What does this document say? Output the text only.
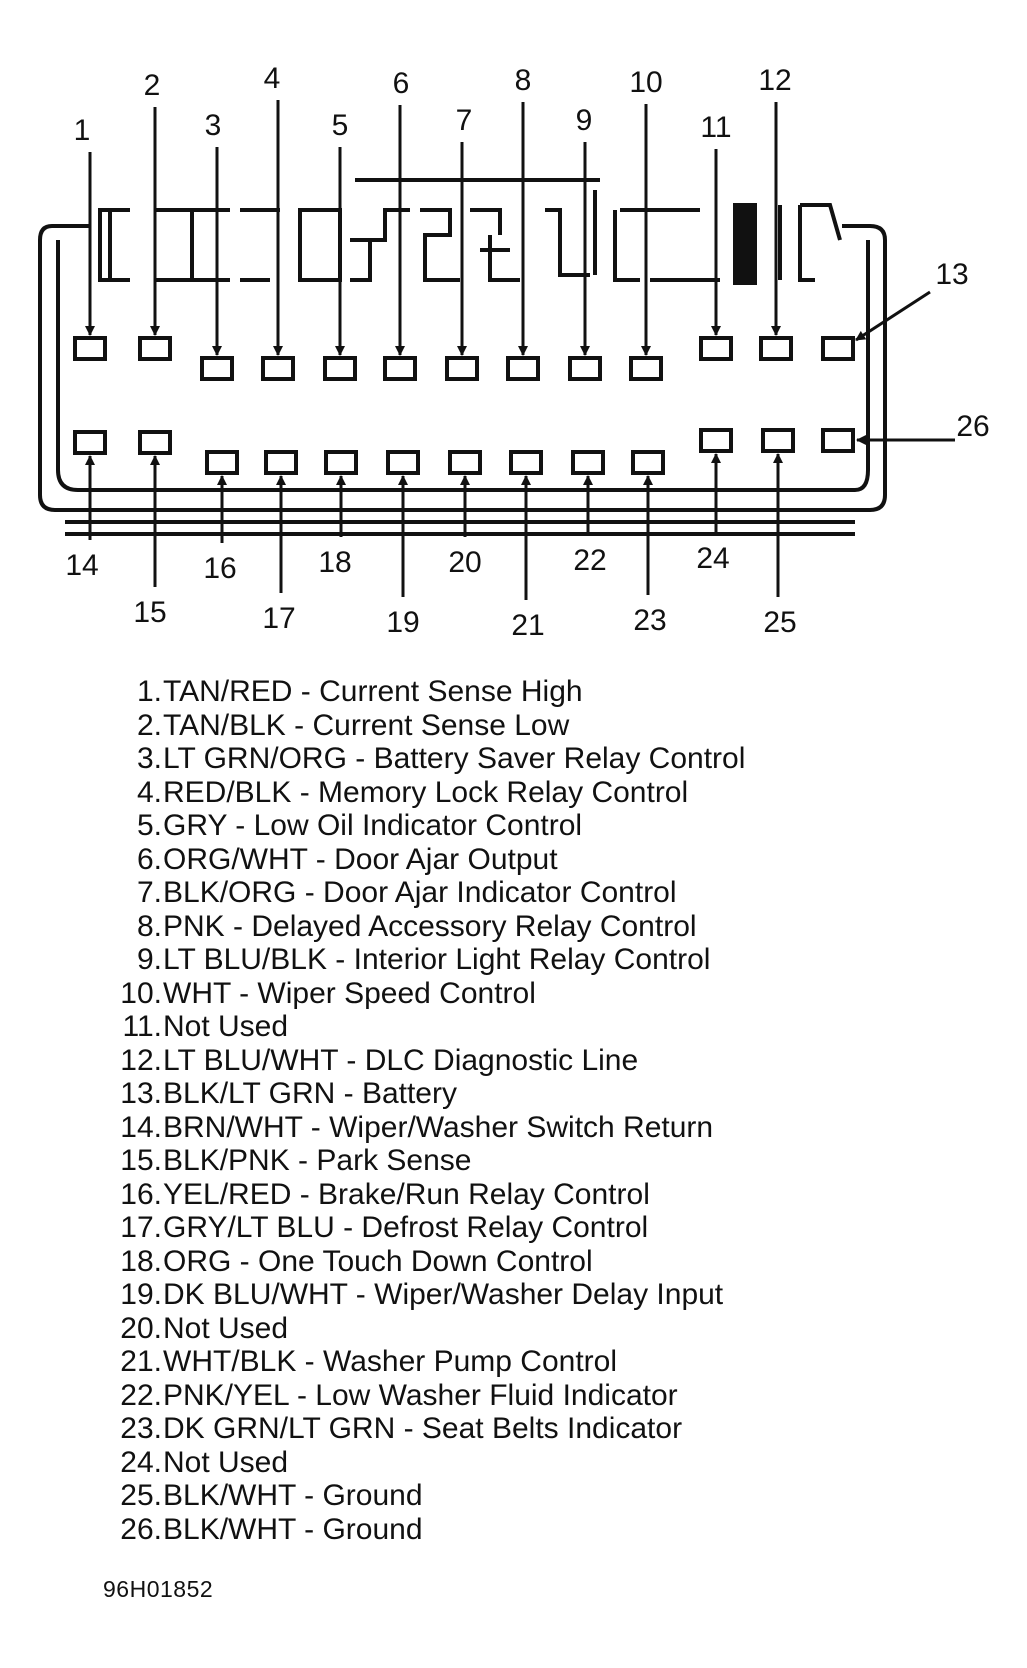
1
2
3
4
5
6
7
8
9
10
11
12
13
14
15
16
17
18
19
20
21
22
23
24
25
26
1. TAN/RED - Current Sense High
2. TAN/BLK - Current Sense Low
3. LT GRN/ORG - Battery Saver Relay Control
4. RED/BLK - Memory Lock Relay Control
5. GRY - Low Oil Indicator Control
6. ORG/WHT - Door Ajar Output
7. BLK/ORG - Door Ajar Indicator Control
8. PNK - Delayed Accessory Relay Control
9. LT BLU/BLK - Interior Light Relay Control
10. WHT - Wiper Speed Control
11. Not Used
12. LT BLU/WHT - DLC Diagnostic Line
13. BLK/LT GRN - Battery
14. BRN/WHT - Wiper/Washer Switch Return
15. BLK/PNK - Park Sense
16. YEL/RED - Brake/Run Relay Control
17. GRY/LT BLU - Defrost Relay Control
18. ORG - One Touch Down Control
19. DK BLU/WHT - Wiper/Washer Delay Input
20. Not Used
21. WHT/BLK - Washer Pump Control
22. PNK/YEL - Low Washer Fluid Indicator
23. DK GRN/LT GRN - Seat Belts Indicator
24. Not Used
25. BLK/WHT - Ground
26. BLK/WHT - Ground
96H01852
